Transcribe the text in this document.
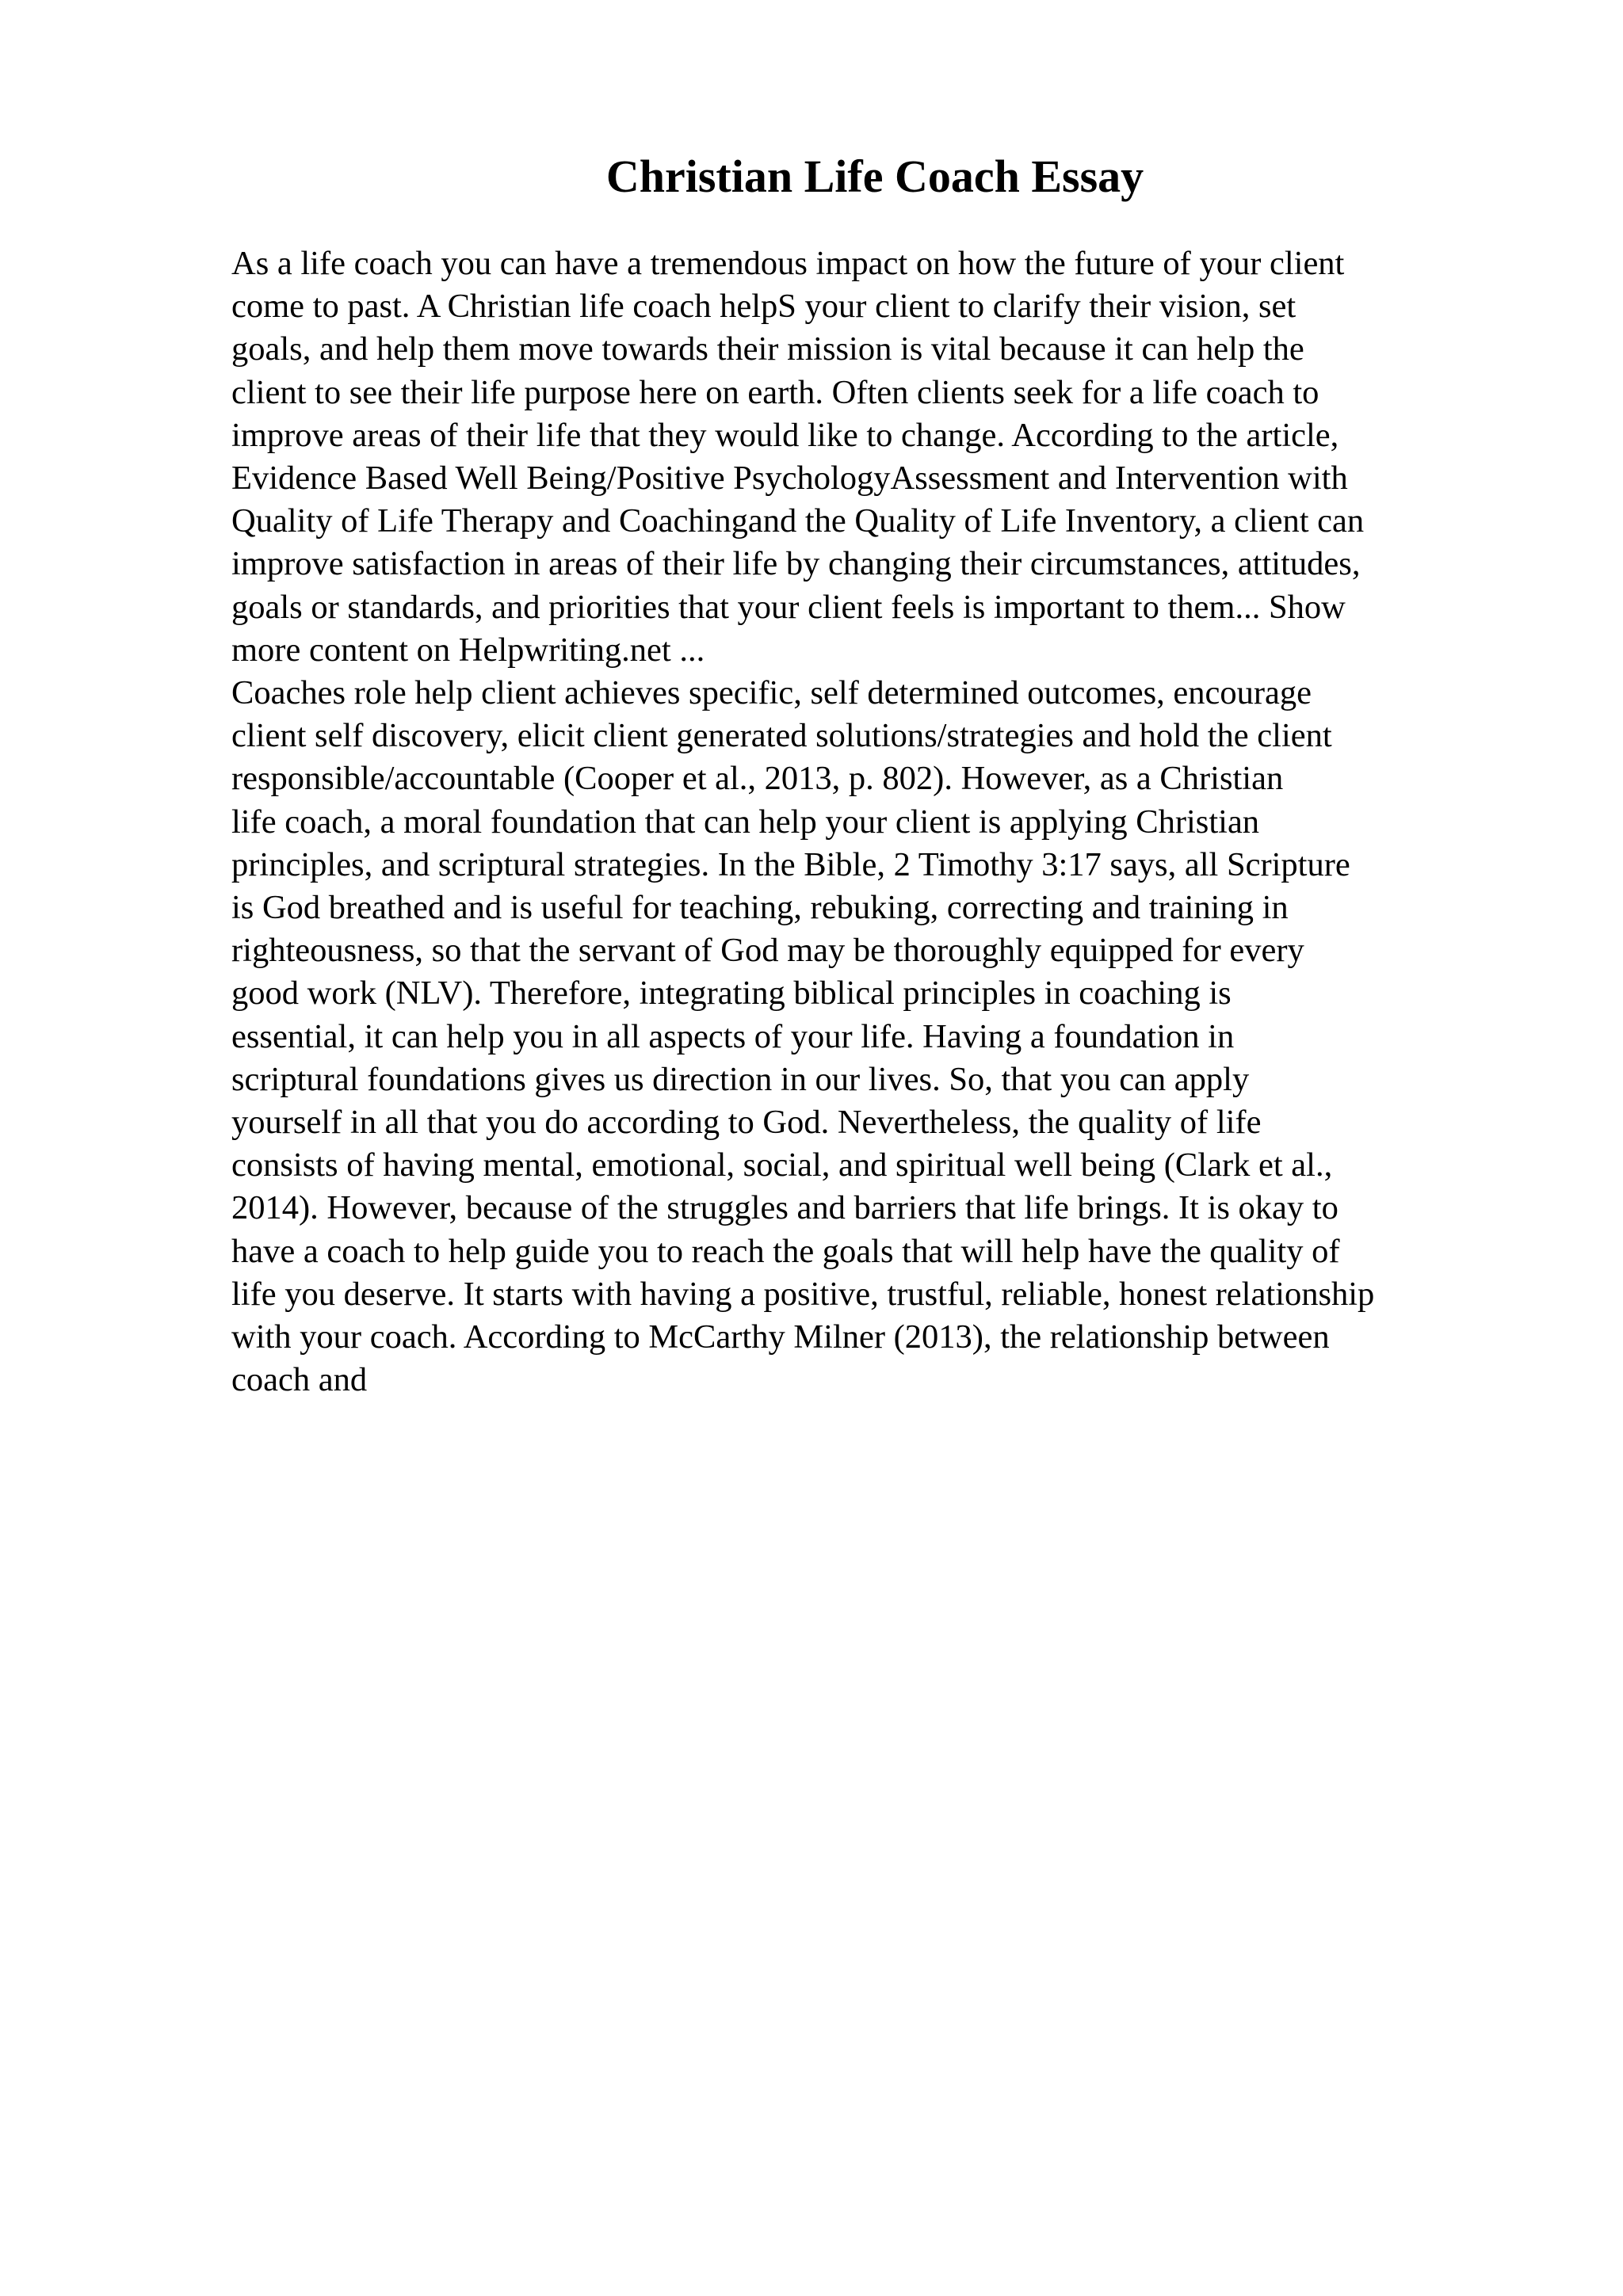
Christian Life Coach Essay
As a life coach you can have a tremendous impact on how the future of your client
come to past. A Christian life coach helpS your client to clarify their vision, set
goals, and help them move towards their mission is vital because it can help the
client to see their life purpose here on earth. Often clients seek for a life coach to
improve areas of their life that they would like to change. According to the article,
Evidence Based Well Being/Positive PsychologyAssessment and Intervention with
Quality of Life Therapy and Coachingand the Quality of Life Inventory, a client can
improve satisfaction in areas of their life by changing their circumstances, attitudes,
goals or standards, and priorities that your client feels is important to them... Show
more content on Helpwriting.net ...
Coaches role help client achieves specific, self determined outcomes, encourage
client self discovery, elicit client generated solutions/strategies and hold the client
responsible/accountable (Cooper et al., 2013, p. 802). However, as a Christian
life coach, a moral foundation that can help your client is applying Christian
principles, and scriptural strategies. In the Bible, 2 Timothy 3:17 says, all Scripture
is God breathed and is useful for teaching, rebuking, correcting and training in
righteousness, so that the servant of God may be thoroughly equipped for every
good work (NLV). Therefore, integrating biblical principles in coaching is
essential, it can help you in all aspects of your life. Having a foundation in
scriptural foundations gives us direction in our lives. So, that you can apply
yourself in all that you do according to God. Nevertheless, the quality of life
consists of having mental, emotional, social, and spiritual well being (Clark et al.,
2014). However, because of the struggles and barriers that life brings. It is okay to
have a coach to help guide you to reach the goals that will help have the quality of
life you deserve. It starts with having a positive, trustful, reliable, honest relationship
with your coach. According to McCarthy Milner (2013), the relationship between
coach and
